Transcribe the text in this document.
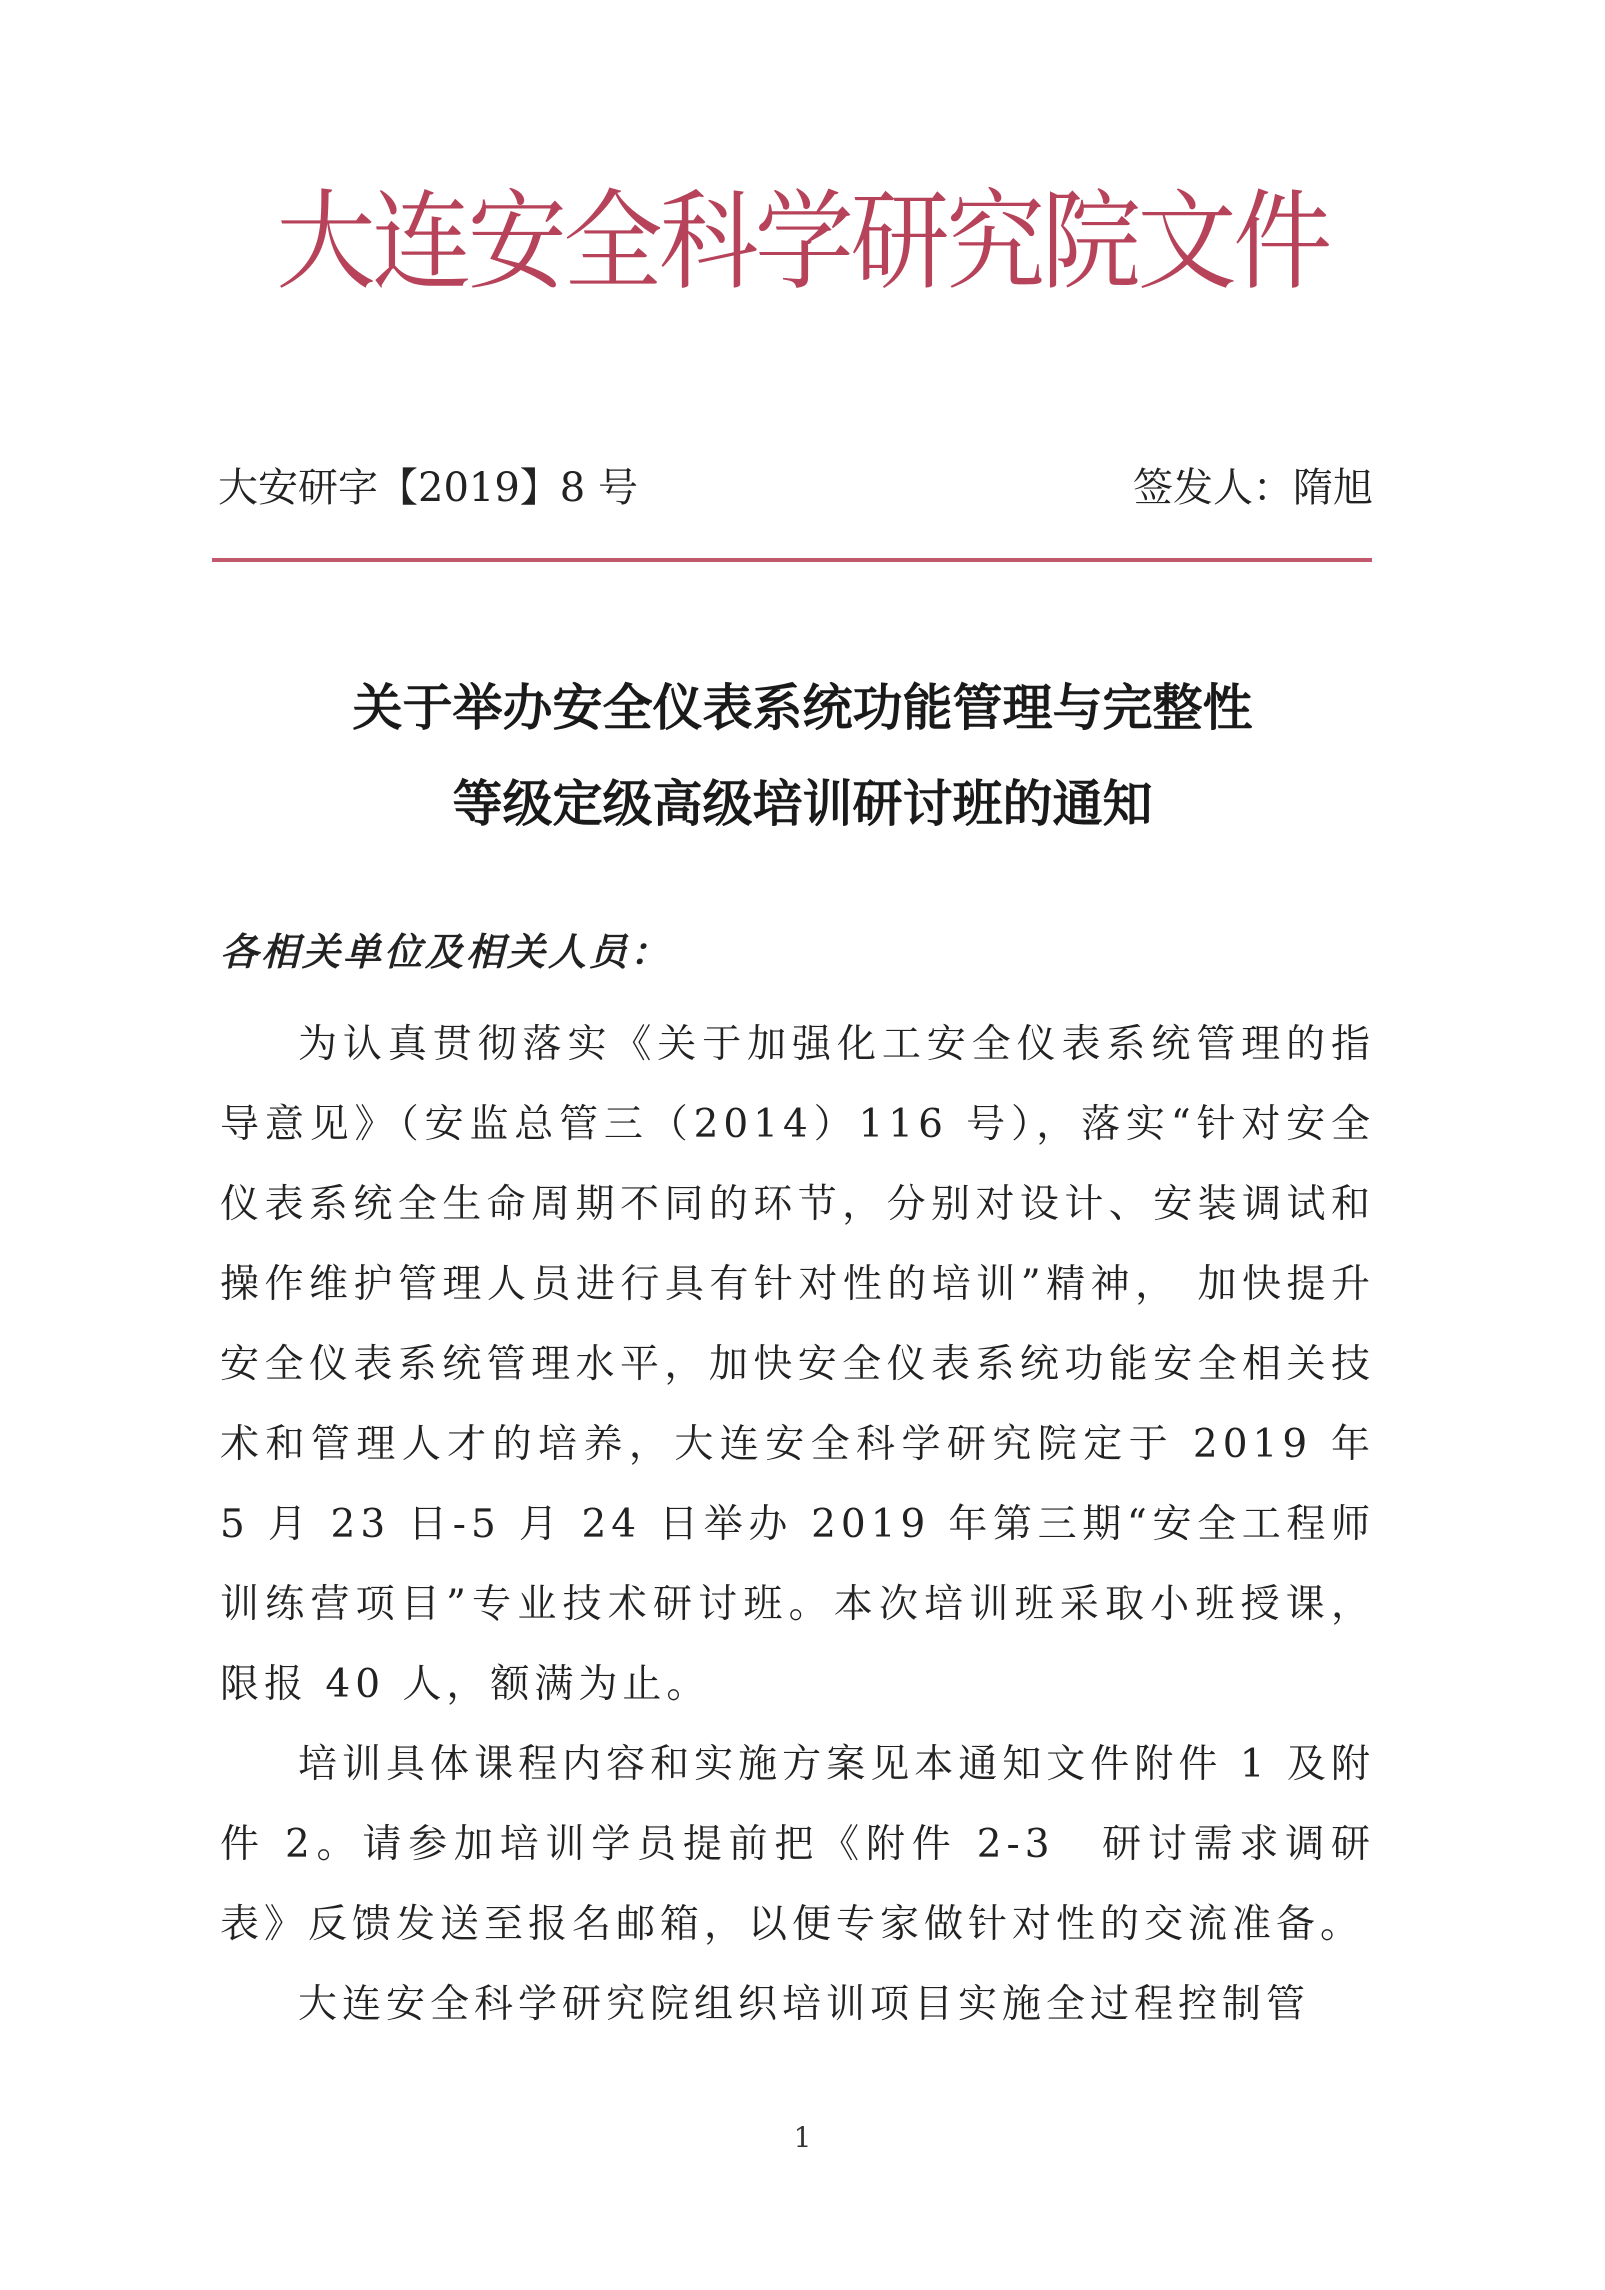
大连安全科学研究院文件
大安研字【2019】8 号	签发人：隋旭
关于举办安全仪表系统功能管理与完整性
等级定级高级培训研讨班的通知
各相关单位及相关人员：

为认真贯彻落实《关于加强化工安全仪表系统管理的指导意见》（安监总管三（2014）116 号），落实“针对安全仪表系统全生命周期不同的环节，分别对设计、安装调试和操作维护管理人员进行具有针对性的培训”精神， 加快提升安全仪表系统管理水平，加快安全仪表系统功能安全相关技术和管理人才的培养，大连安全科学研究院定于 2019 年 5 月 23 日-5 月 24 日举办 2019 年第三期“安全工程师训练营项目”专业技术研讨班。本次培训班采取小班授课，限报 40 人，额满为止。

培训具体课程内容和实施方案见本通知文件附件 1 及附件 2。请参加培训学员提前把《附件 2-3　研讨需求调研表》反馈发送至报名邮箱，以便专家做针对性的交流准备。

大连安全科学研究院组织培训项目实施全过程控制管

1
